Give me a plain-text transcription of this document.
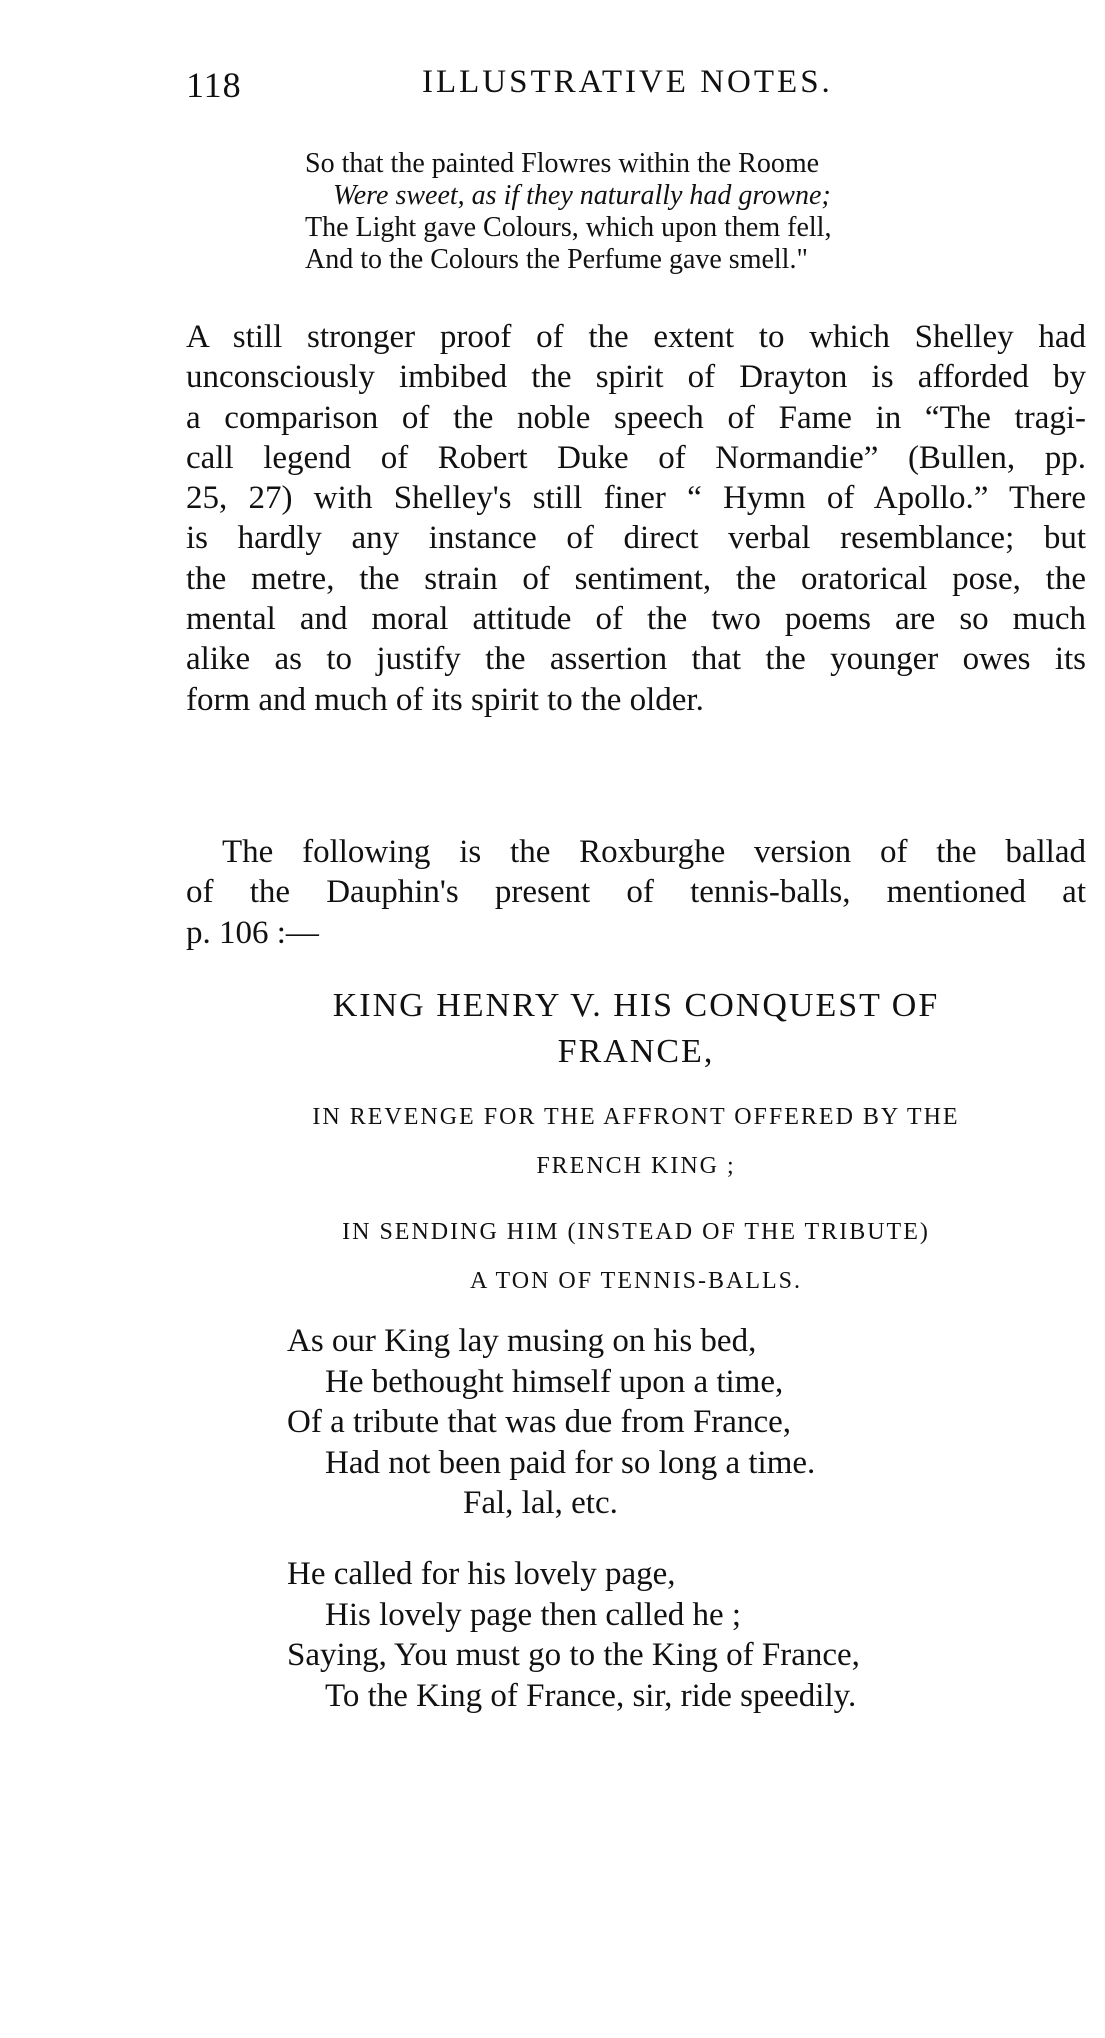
118	ILLUSTRATIVE NOTES.
So that the painted Flowres within the Roome
Were sweet, as if they naturally had growne;
The Light gave Colours, which upon them fell,
And to the Colours the Perfume gave smell."
A still stronger proof of the extent to which Shelley had
unconsciously imbibed the spirit of Drayton is afforded by
a comparison of the noble speech of Fame in “The tragi-
call legend of Robert Duke of Normandie” (Bullen, pp.
25, 27) with Shelley's still finer “ Hymn of Apollo.” There
is hardly any instance of direct verbal resemblance; but
the metre, the strain of sentiment, the oratorical pose, the
mental and moral attitude of the two poems are so much
alike as to justify the assertion that the younger owes its
form and much of its spirit to the older.
The following is the Roxburghe version of the ballad
of the Dauphin's present of tennis-balls, mentioned at
p. 106 :—
KING HENRY V. HIS CONQUEST OF
FRANCE,
IN REVENGE FOR THE AFFRONT OFFERED BY THE
FRENCH KING ;
IN SENDING HIM (INSTEAD OF THE TRIBUTE)
A TON OF TENNIS-BALLS.
As our King lay musing on his bed,
He bethought himself upon a time,
Of a tribute that was due from France,
Had not been paid for so long a time.
Fal, lal, etc.
He called for his lovely page,
His lovely page then called he ;
Saying, You must go to the King of France,
To the King of France, sir, ride speedily.
